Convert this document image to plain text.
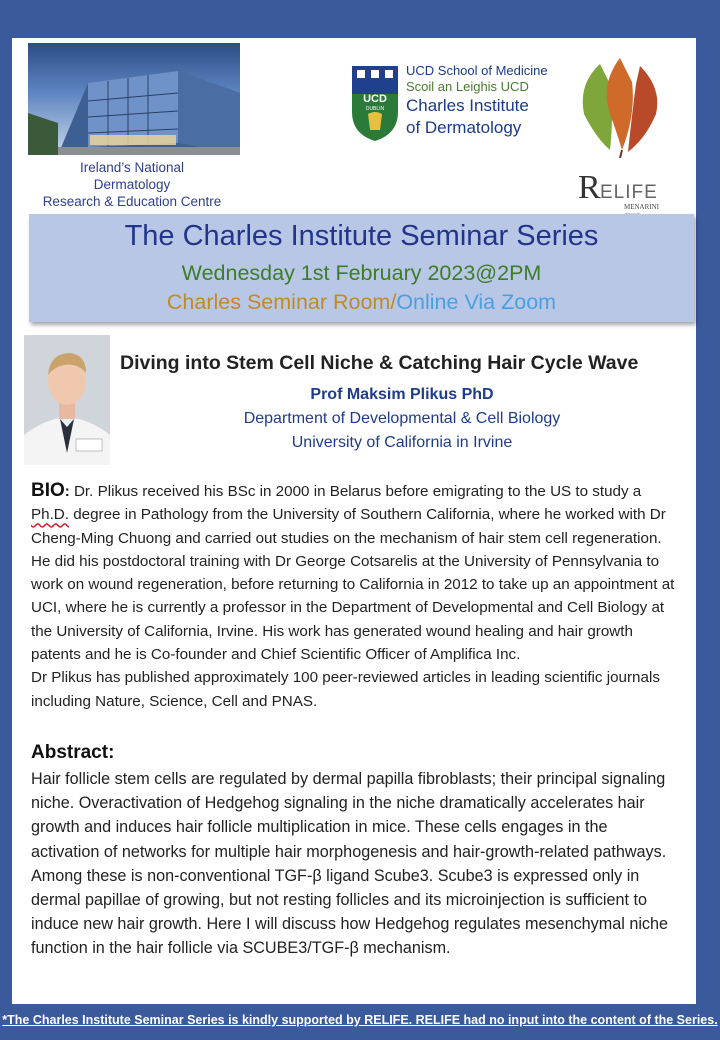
Ireland’s National
Dermatology
Research & Education Centre
UCD
DUBLIN
UCD School of Medicine
Scoil an Leighis UCD
Charles Institute
of Dermatology
R ELIFE
MENARINI
The Charles Institute Seminar Series
Wednesday 1st February 2023@2PM
Charles Seminar Room/Online Via Zoom
Diving into Stem Cell Niche & Catching Hair Cycle Wave
Prof Maksim Plikus PhD
Department of Developmental & Cell Biology
University of California in Irvine
BIO: Dr. Plikus received his BSc in 2000 in Belarus before emigrating to the US to study a Ph.D. degree in Pathology from the University of Southern California, where he worked with Dr Cheng-Ming Chuong and carried out studies on the mechanism of hair stem cell regeneration. He did his postdoctoral training with Dr George Cotsarelis at the University of Pennsylvania to work on wound regeneration, before returning to California in 2012 to take up an appointment at UCI, where he is currently a professor in the Department of Developmental and Cell Biology at the University of California, Irvine. His work has generated wound healing and hair growth patents and he is Co-founder and Chief Scientific Officer of Amplifica Inc.
Dr Plikus has published approximately 100 peer-reviewed articles in leading scientific journals including Nature, Science, Cell and PNAS.
Abstract:
Hair follicle stem cells are regulated by dermal papilla fibroblasts; their principal signaling niche. Overactivation of Hedgehog signaling in the niche dramatically accelerates hair growth and induces hair follicle multiplication in mice. These cells engages in the activation of networks for multiple hair morphogenesis and hair-growth-related pathways. Among these is non-conventional TGF-β ligand Scube3. Scube3 is expressed only in dermal papillae of growing, but not resting follicles and its microinjection is sufficient to induce new hair growth. Here I will discuss how Hedgehog regulates mesenchymal niche function in the hair follicle via SCUBE3/TGF-β mechanism.
*The Charles Institute Seminar Series is kindly supported by RELIFE. RELIFE had no input into the content of the Series.
